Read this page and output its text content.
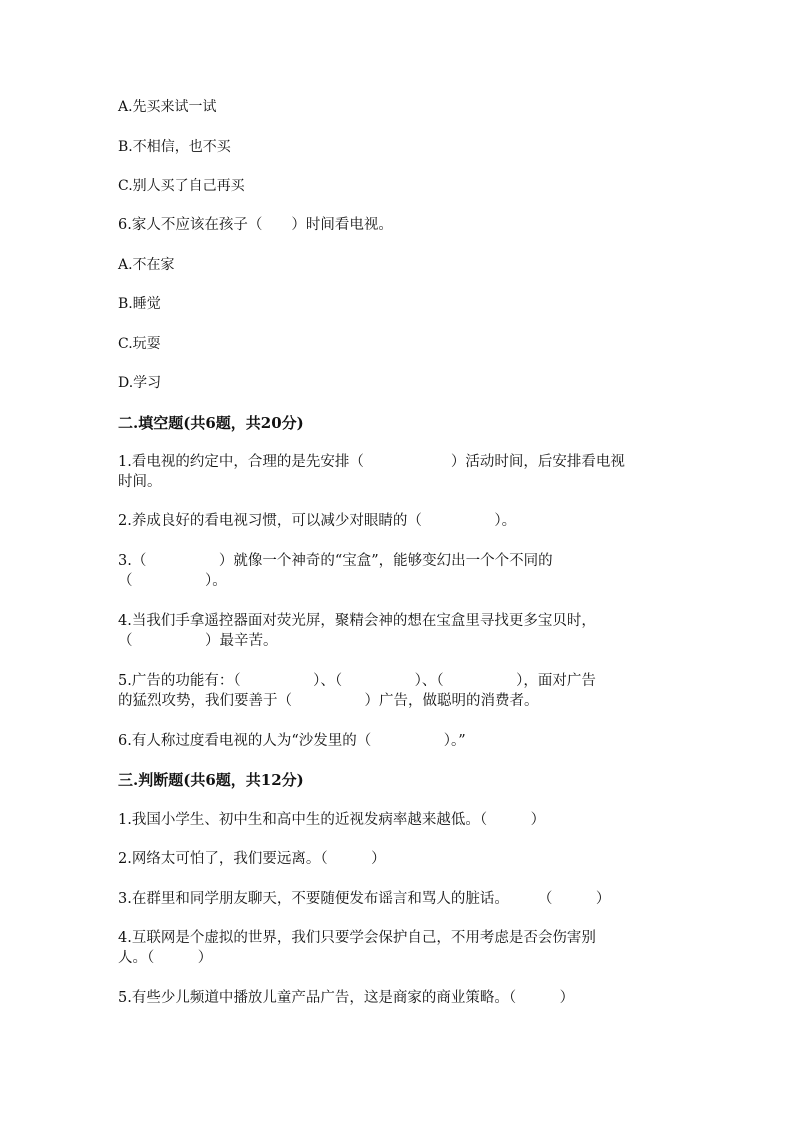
A.先买来试一试
B.不相信，也不买
C.别人买了自己再买
6.家人不应该在孩子（　　）时间看电视。
A.不在家
B.睡觉
C.玩耍
D.学习
二.填空题(共6题，共20分)
1.看电视的约定中，合理的是先安排（　　　　　　）活动时间，后安排看电视
时间。
2.养成良好的看电视习惯，可以减少对眼睛的（　　　　　）。
3.（　　　　　）就像一个神奇的“宝盒”，能够变幻出一个个不同的
（　　　　　）。
4.当我们手拿遥控器面对荧光屏，聚精会神的想在宝盒里寻找更多宝贝时，
（　　　　　）最辛苦。
5.广告的功能有：（　　　　　）、（　　　　　）、（　　　　　），面对广告
的猛烈攻势，我们要善于（　　　　　）广告，做聪明的消费者。
6.有人称过度看电视的人为“沙发里的（　　　　　）。”
三.判断题(共6题，共12分)
1.我国小学生、初中生和高中生的近视发病率越来越低。（　　　）
2.网络太可怕了，我们要远离。（　　　）
3.在群里和同学朋友聊天，不要随便发布谣言和骂人的脏话。　　　（　　　）
4.互联网是个虚拟的世界，我们只要学会保护自己，不用考虑是否会伤害别
人。（　　　）
5.有些少儿频道中播放儿童产品广告，这是商家的商业策略。（　　　）
